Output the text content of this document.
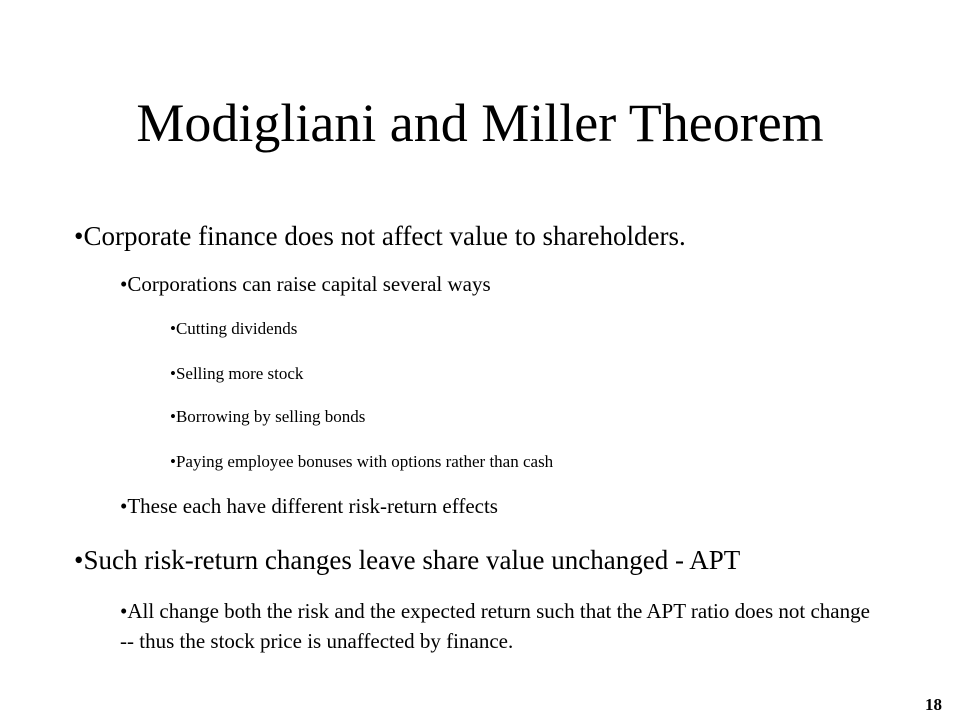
Modigliani and Miller Theorem
•Corporate finance does not affect value to shareholders.
•Corporations can raise capital several ways
•Cutting dividends
•Selling more stock
•Borrowing by selling bonds
•Paying employee bonuses with options rather than cash
•These each have different risk-return effects
•Such risk-return changes leave share value unchanged - APT
•All change both the risk and the expected return such that the APT ratio does not change -- thus the stock price is unaffected by finance.
18
